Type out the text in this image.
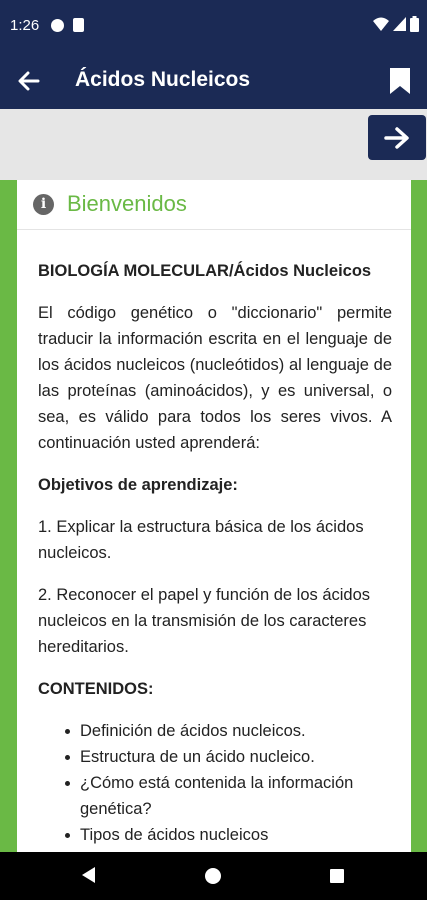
1:26
Ácidos Nucleicos
i Bienvenidos

BIOLOGÍA MOLECULAR/Ácidos Nucleicos

El código genético o "diccionario" permite traducir la información escrita en el lenguaje de los ácidos nucleicos (nucleótidos) al lenguaje de las proteínas (aminoácidos), y es universal, o sea, es válido para todos los seres vivos. A continuación usted aprenderá:

Objetivos de aprendizaje:

1. Explicar la estructura básica de los ácidos nucleicos.

2. Reconocer el papel y función de los ácidos nucleicos en la transmisión de los caracteres hereditarios.

CONTENIDOS:

Definición de ácidos nucleicos.
Estructura de un ácido nucleico.
¿Cómo está contenida la información genética?
Tipos de ácidos nucleicos
